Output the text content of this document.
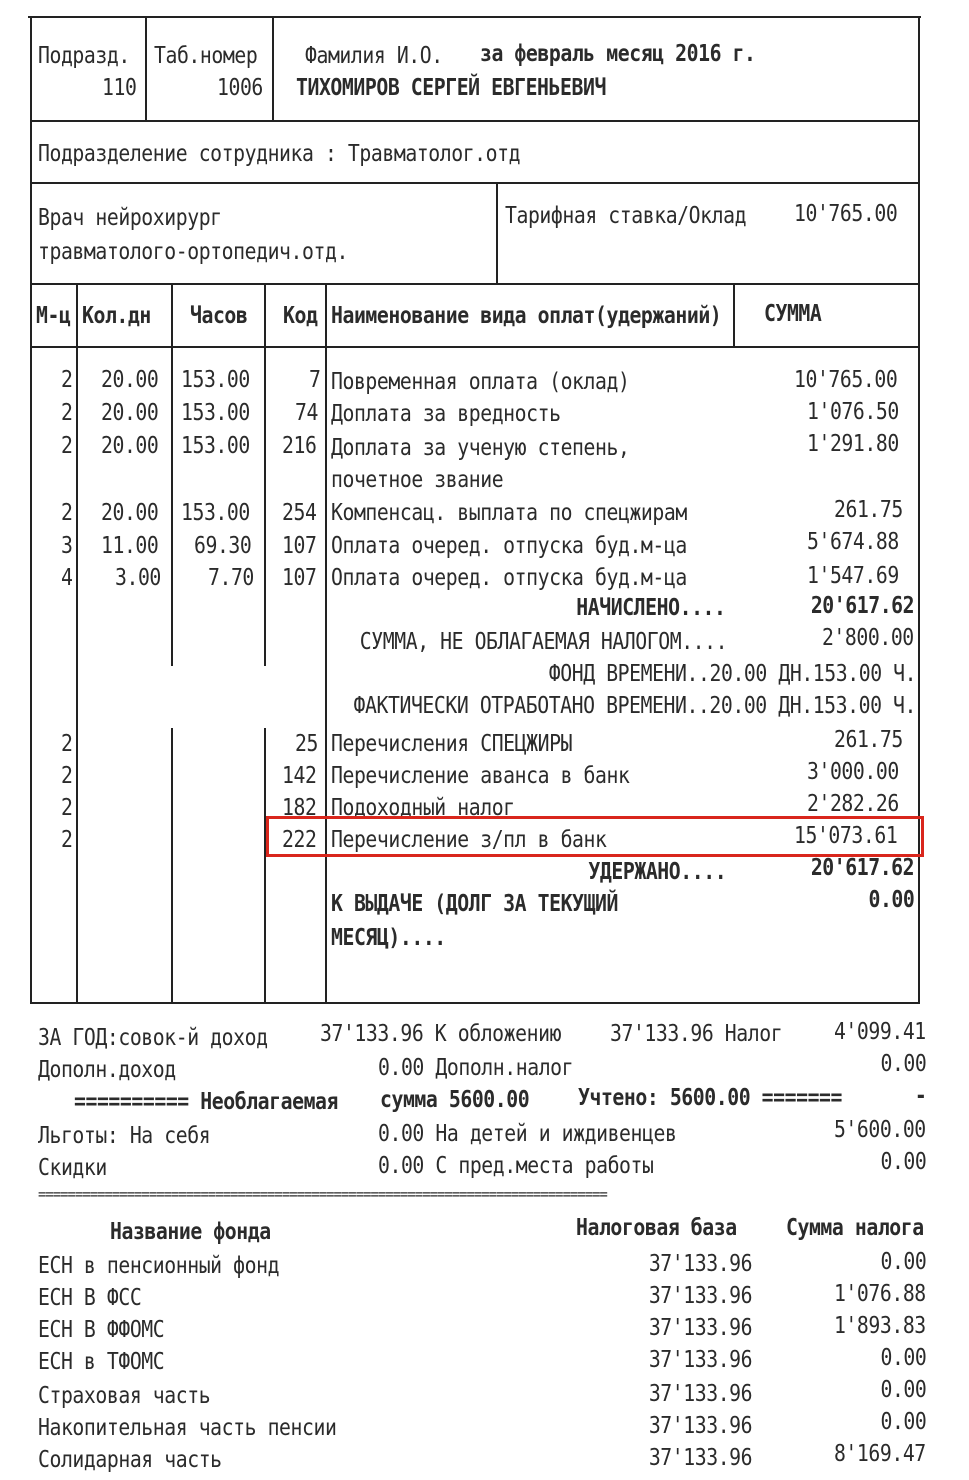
Подразд.
110
Таб.номер
1006
Фамилия И.О.	за февраль месяц 2016 г.
ТИХОМИРОВ СЕРГЕЙ ЕВГЕНЬЕВИЧ
Подразделение сотрудника : Травматолог.отд
Врач нейрохирург
травматолого-ортопедич.отд.
Тарифная ставка/Оклад	10'765.00
М-ц Кол.дн	Часов	Код Наименование вида оплат(удержаний)	СУММА
2	20.00 153.00	7 Повременная оплата (оклад)	10'765.00
2	20.00 153.00	74 Доплата за вредность	1'076.50
2	20.00 153.00	216 Доплата за ученую степень,	1'291.80
почетное звание
2	20.00 153.00	254 Компенсац. выплата по спецжирам	261.75
3	11.00	69.30	107 Оплата очеред. отпуска буд.м-ца	5'674.88
4	3.00	7.70	107 Оплата очеред. отпуска буд.м-ца	1'547.69
НАЧИСЛЕНО....	20'617.62
СУММА, НЕ ОБЛАГАЕМАЯ НАЛОГОМ....	2'800.00
ФОНД ВРЕМЕНИ..20.00 ДН.153.00 Ч.
ФАКТИЧЕСКИ ОТРАБОТАНО ВРЕМЕНИ..20.00 ДН.153.00 Ч.
2	25 Перечисления СПЕЦЖИРЫ	261.75
2	142 Перечисление аванса в банк	3'000.00
2	182 Подоходный налог	2'282.26
2	222 Перечисление з/пл в банк	15'073.61
УДЕРЖАНО....	20'617.62
К ВЫДАЧЕ (ДОЛГ ЗА ТЕКУЩИЙ
МЕСЯЦ)....
0.00
ЗА ГОД:совок-й доход	37'133.96 К обложению	37'133.96 Налог	4'099.41
Дополн.доход	0.00 Дополн.налог	0.00
========== Необлагаемая	сумма 5600.00	Учтено: 5600.00 =======	-
Льготы: На себя	0.00 На детей и иждивенцев	5'600.00
Скидки	0.00 С пред.места работы	0.00
=============================================================================
Название фонда	Налоговая база	Сумма налога
ЕСН в пенсионный фонд	37'133.96	0.00
ЕСН В ФСС	37'133.96	1'076.88
ЕСН В ФФОМС	37'133.96	1'893.83
ЕСН в ТФОМС	37'133.96	0.00
Страховая часть	37'133.96	0.00
Накопительная часть пенсии	37'133.96	0.00
Солидарная часть	37'133.96	8'169.47
